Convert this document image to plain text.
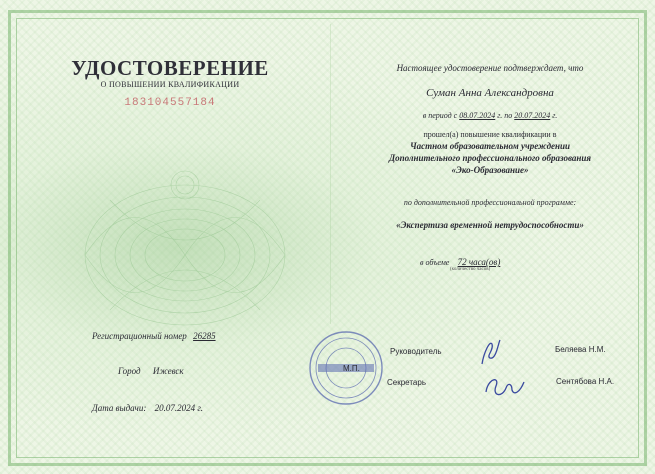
УДОСТОВЕРЕНИЕ
О ПОВЫШЕНИИ КВАЛИФИКАЦИИ
183104557184
Регистрационный номер 26285
Город Ижевск
Дата выдачи: 20.07.2024 г.
Настоящее удостоверение подтверждает, что
Суман Анна Александровна
в период с 08.07.2024 г. по 20.07.2024 г.
прошел(а) повышение квалификации в
Частном образовательном учреждении
Дополнительного профессионального образования
«Эко-Образование»
по дополнительной профессиональной программе:
«Экспертиза временной нетрудоспособности»
в объеме 72 часа(ов)
(количество часов)
М.П.
Руководитель	Беляева Н.М.
Секретарь	Сентябова Н.А.
